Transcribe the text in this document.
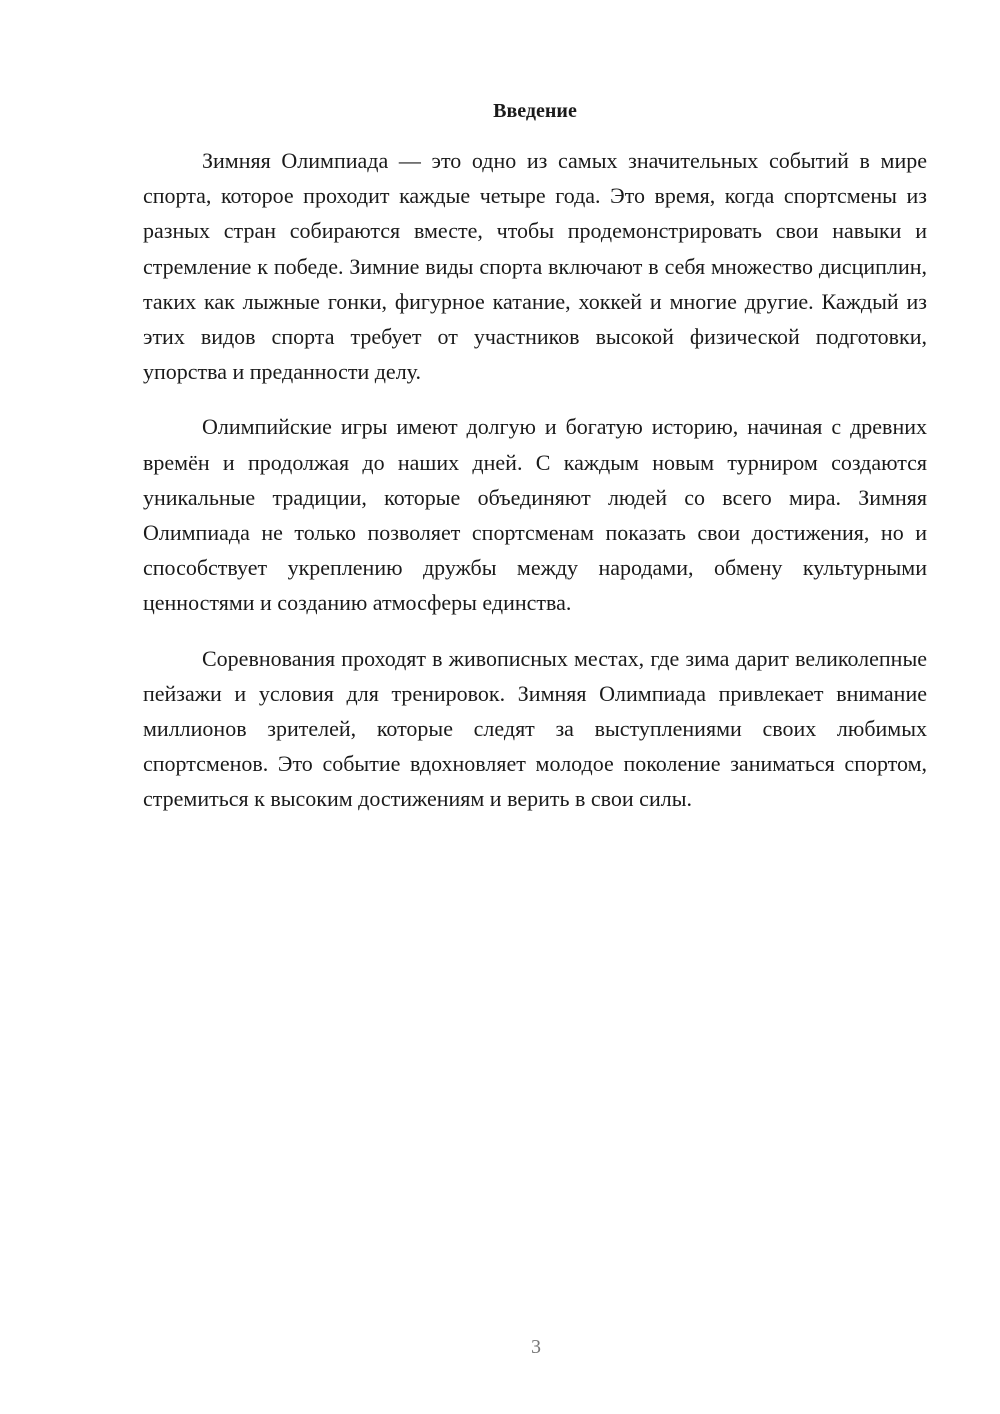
Введение

Зимняя Олимпиада — это одно из самых значительных событий в мире спорта, которое проходит каждые четыре года. Это время, когда спортсмены из разных стран собираются вместе, чтобы продемонстрировать свои навыки и стремление к победе. Зимние виды спорта включают в себя множество дисциплин, таких как лыжные гонки, фигурное катание, хоккей и многие другие. Каждый из этих видов спорта требует от участников высокой физической подготовки, упорства и преданности делу.

Олимпийские игры имеют долгую и богатую историю, начиная с древних времён и продолжая до наших дней. С каждым новым турниром создаются уникальные традиции, которые объединяют людей со всего мира. Зимняя Олимпиада не только позволяет спортсменам показать свои достижения, но и способствует укреплению дружбы между народами, обмену культурными ценностями и созданию атмосферы единства.

Соревнования проходят в живописных местах, где зима дарит великолепные пейзажи и условия для тренировок. Зимняя Олимпиада привлекает внимание миллионов зрителей, которые следят за выступлениями своих любимых спортсменов. Это событие вдохновляет молодое поколение заниматься спортом, стремиться к высоким достижениям и верить в свои силы.

3
